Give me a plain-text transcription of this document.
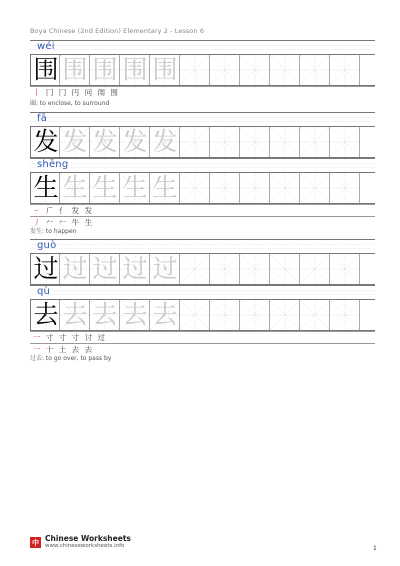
Boya Chinese (2nd Edition) Elementary 2 - Lesson 6
wéi
围 围 围 围 围
丨 冂 冂 円 冋 闱 围
圍: to enclose, to surround
fā
发 发 发 发 发
shēng
生 生 生 生 生
㇀ 𠂆 ⺅ 发 发
丿 𠂉 𠂉 牛 生
发生: to happen
guò
过 过 过 过 过
qù
去 去 去 去 去
一 寸 寸 寸 讨 过
一 十 土 去 去
过去: to go over, to pass by
中 Chinese Worksheets
www.chineseworksheets.info	1
